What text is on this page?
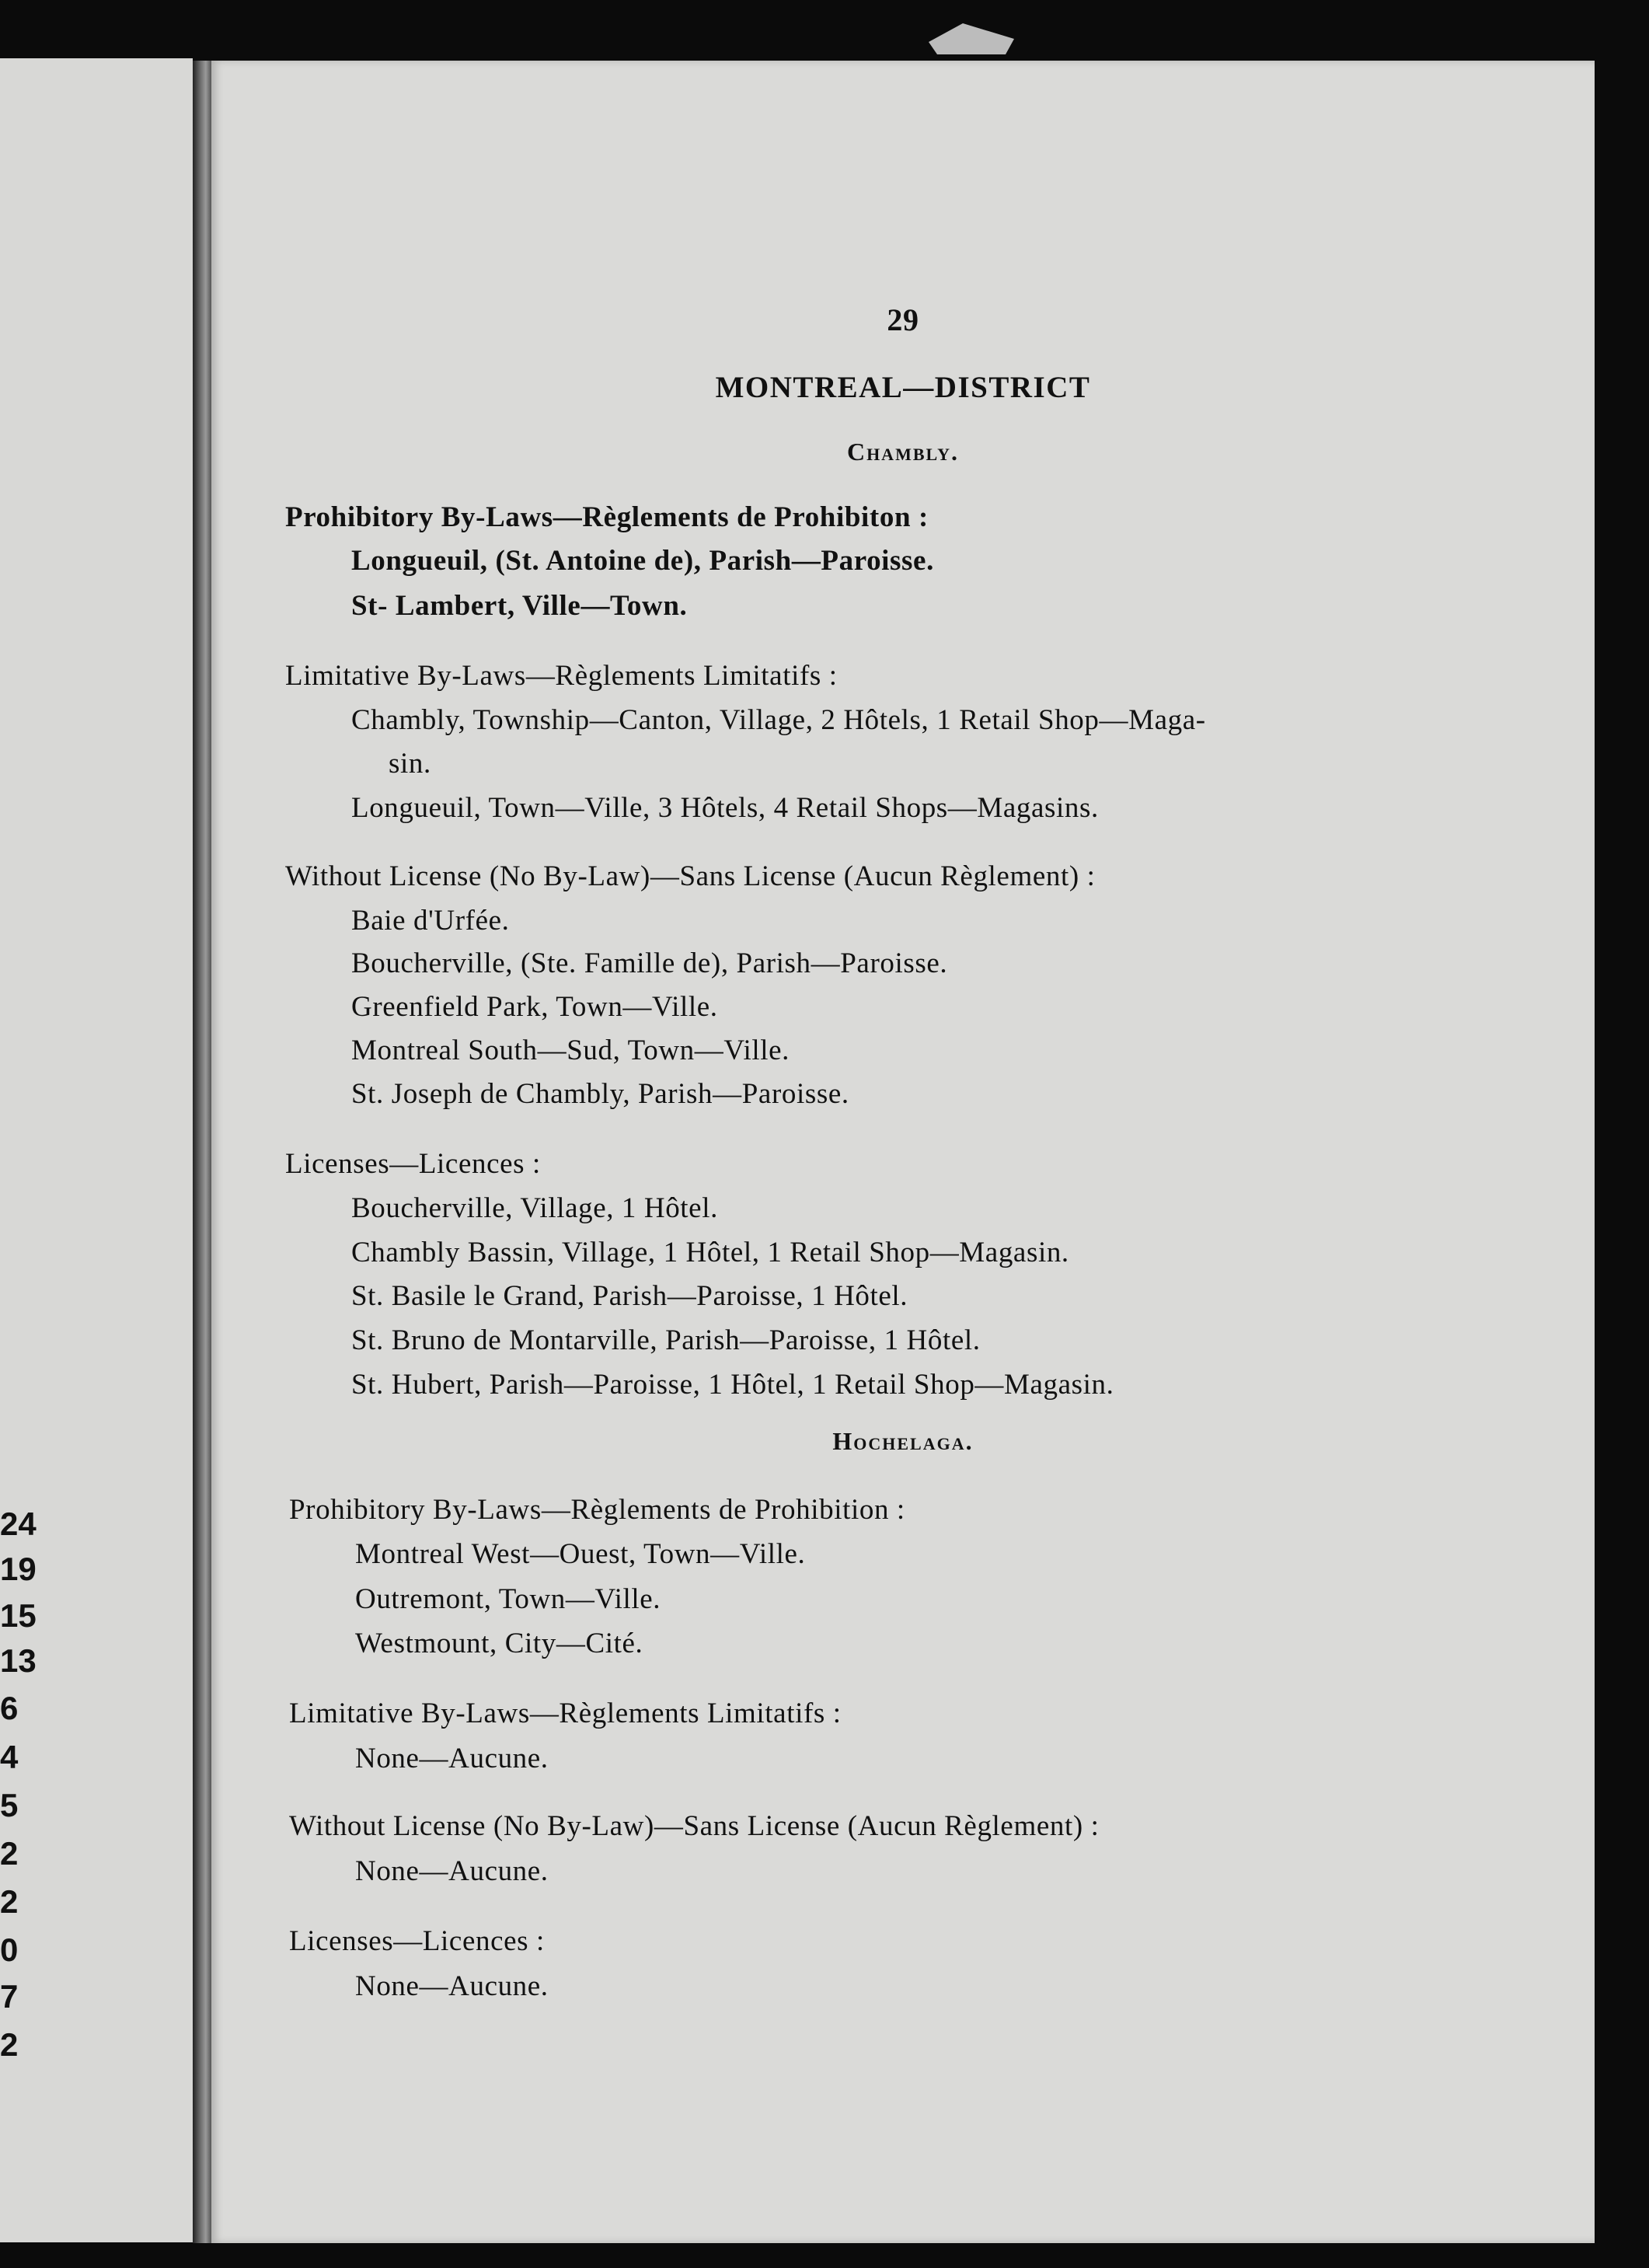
24
19
15
13
6
4
5
2
2
0
7
2
29
MONTREAL—DISTRICT
Chambly.
Prohibitory By-Laws—Règlements de Prohibiton :
Longueuil, (St. Antoine de), Parish—Paroisse.
St- Lambert, Ville—Town.
Limitative By-Laws—Règlements Limitatifs :
Chambly, Township—Canton, Village, 2 Hôtels, 1 Retail Shop—Maga-
sin.
Longueuil, Town—Ville, 3 Hôtels, 4 Retail Shops—Magasins.
Without License (No By-Law)—Sans License (Aucun Règlement) :
Baie d'Urfée.
Boucherville, (Ste. Famille de), Parish—Paroisse.
Greenfield Park, Town—Ville.
Montreal South—Sud, Town—Ville.
St. Joseph de Chambly, Parish—Paroisse.
Licenses—Licences :
Boucherville, Village, 1 Hôtel.
Chambly Bassin, Village, 1 Hôtel, 1 Retail Shop—Magasin.
St. Basile le Grand, Parish—Paroisse, 1 Hôtel.
St. Bruno de Montarville, Parish—Paroisse, 1 Hôtel.
St. Hubert, Parish—Paroisse, 1 Hôtel, 1 Retail Shop—Magasin.
Hochelaga.
Prohibitory By-Laws—Règlements de Prohibition :
Montreal West—Ouest, Town—Ville.
Outremont, Town—Ville.
Westmount, City—Cité.
Limitative By-Laws—Règlements Limitatifs :
None—Aucune.
Without License (No By-Law)—Sans License (Aucun Règlement) :
None—Aucune.
Licenses—Licences :
None—Aucune.
